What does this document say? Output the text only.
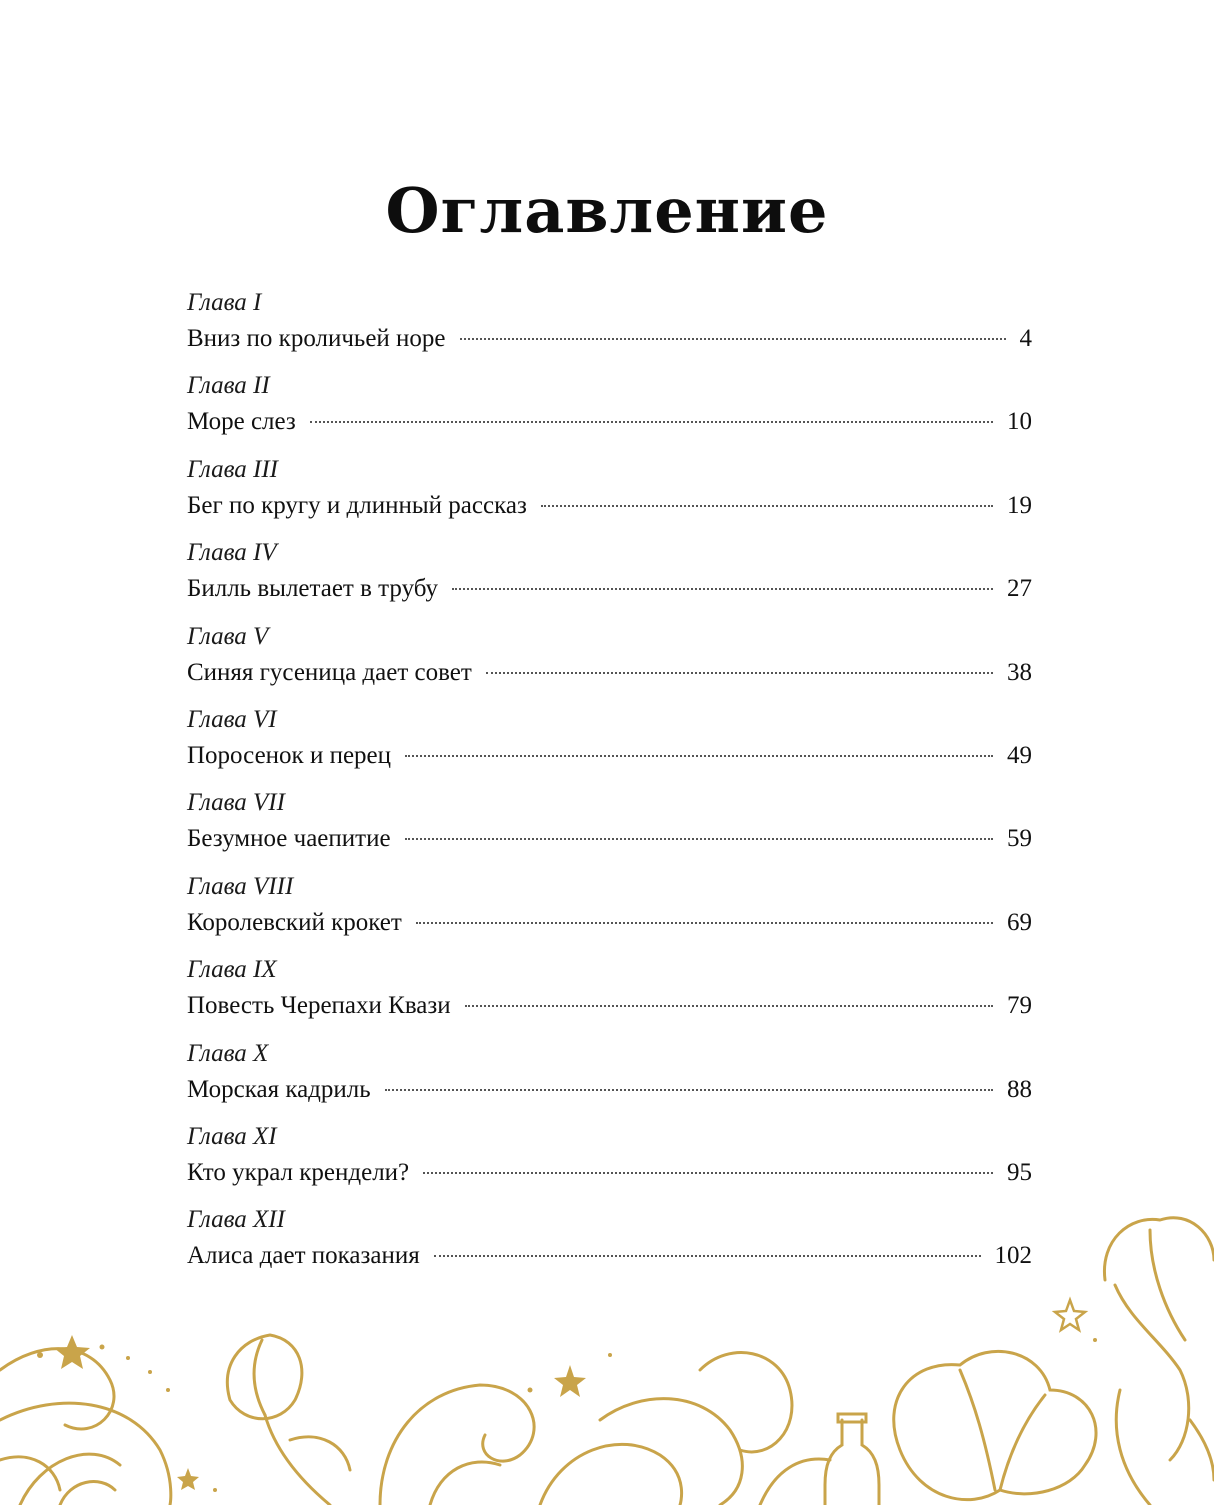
Оглавление
Глава I
Вниз по кроличьей норе	4
Глава II
Море слез	10
Глава III
Бег по кругу и длинный рассказ	19
Глава IV
Билль вылетает в трубу	27
Глава V
Синяя гусеница дает совет	38
Глава VI
Поросенок и перец	49
Глава VII
Безумное чаепитие	59
Глава VIII
Королевский крокет	69
Глава IX
Повесть Черепахи Квази	79
Глава X
Морская кадриль	88
Глава XI
Кто украл крендели?	95
Глава XII
Алиса дает показания	102
